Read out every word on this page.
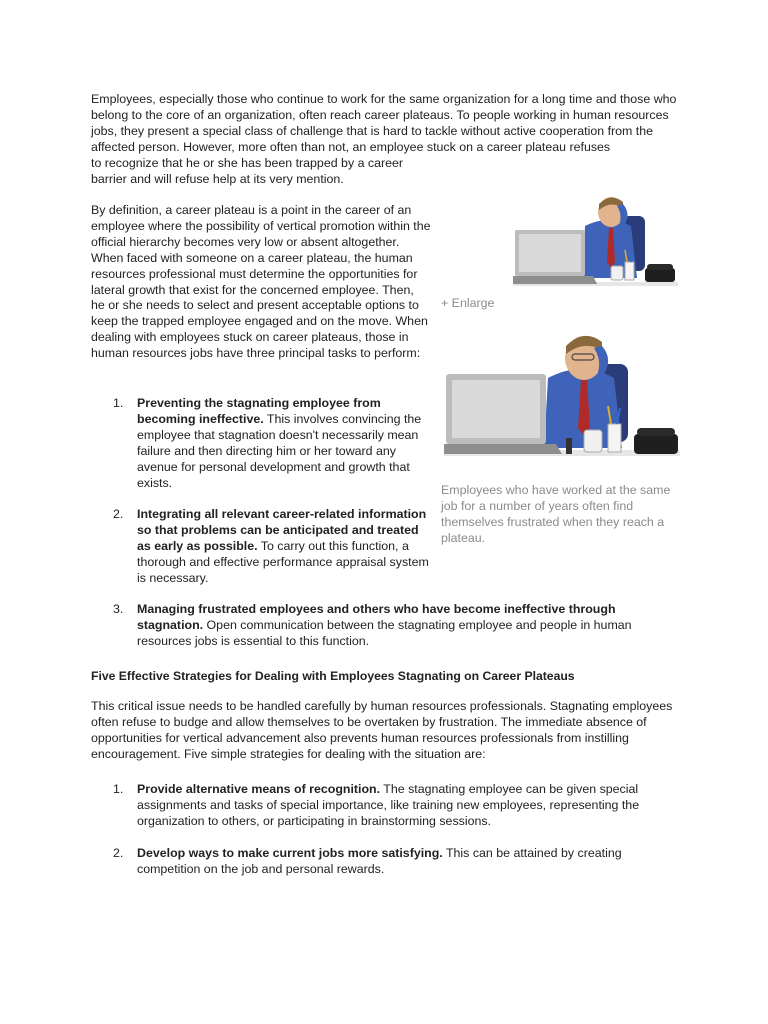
Employees, especially those who continue to work for the same organization for a long time and those who belong to the core of an organization, often reach career plateaus. To people working in human resources jobs, they present a special class of challenge that is hard to tackle without active cooperation from the affected person. However, more often than not, an employee stuck on a career plateau refuses

to recognize that he or she has been trapped by a career barrier and will refuse help at its very mention.

By definition, a career plateau is a point in the career of an employee where the possibility of vertical promotion within the official hierarchy becomes very low or absent altogether. When faced with someone on a career plateau, the human resources professional must determine the opportunities for lateral growth that exist for the concerned employee. Then, he or she needs to select and present acceptable options to keep the trapped employee engaged and on the move. When dealing with employees stuck on career plateaus, those in human resources jobs have three principal tasks to perform:

1.	Preventing the stagnating employee from becoming ineffective. This involves convincing the employee that stagnation doesn't necessarily mean failure and then directing him or her toward any avenue for personal development and growth that exists.
2.	Integrating all relevant career-related information so that problems can be anticipated and treated as early as possible. To carry out this function, a thorough and effective performance appraisal system is necessary.
3.	Managing frustrated employees and others who have become ineffective through stagnation. Open communication between the stagnating employee and people in human resources jobs is essential to this function.
+ Enlarge

Employees who have worked at the same job for a number of years often find themselves frustrated when they reach a plateau.

Five Effective Strategies for Dealing with Employees Stagnating on Career Plateaus

This critical issue needs to be handled carefully by human resources professionals. Stagnating employees often refuse to budge and allow themselves to be overtaken by frustration. The immediate absence of opportunities for vertical advancement also prevents human resources professionals from instilling encouragement. Five simple strategies for dealing with the situation are:

1.	Provide alternative means of recognition. The stagnating employee can be given special assignments and tasks of special importance, like training new employees, representing the organization to others, or participating in brainstorming sessions.
2.	Develop ways to make current jobs more satisfying. This can be attained by creating competition on the job and personal rewards.
